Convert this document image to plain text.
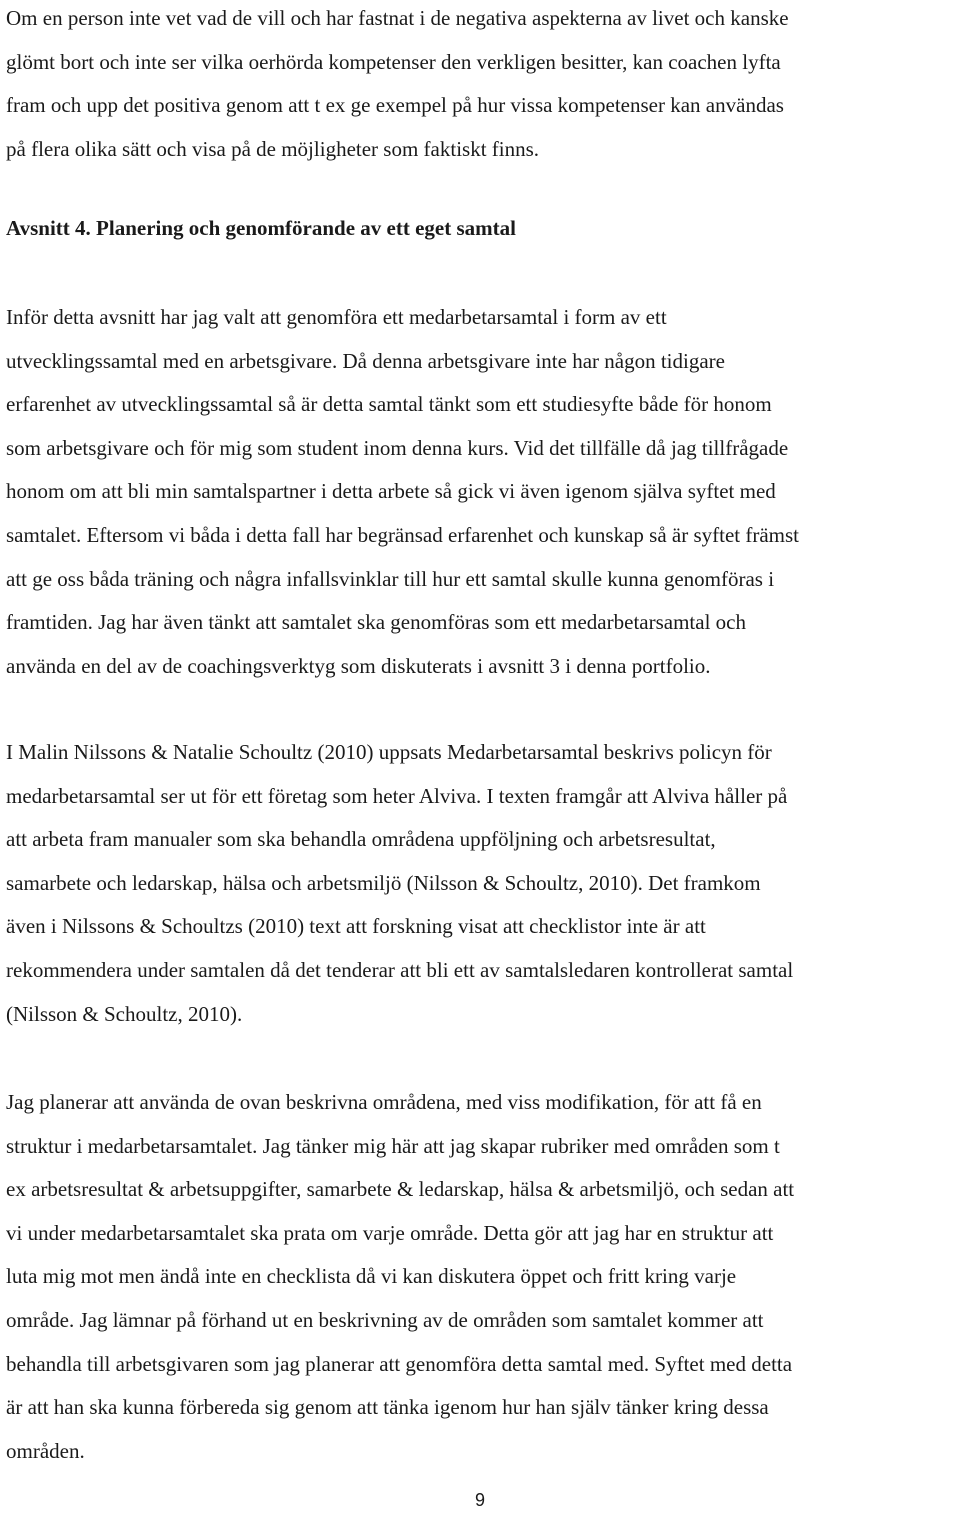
Om en person inte vet vad de vill och har fastnat i de negativa aspekterna av livet och kanske
glömt bort och inte ser vilka oerhörda kompetenser den verkligen besitter, kan coachen lyfta
fram och upp det positiva genom att t ex ge exempel på hur vissa kompetenser kan användas
på flera olika sätt och visa på de möjligheter som faktiskt finns.

Avsnitt 4. Planering och genomförande av ett eget samtal

Inför detta avsnitt har jag valt att genomföra ett medarbetarsamtal i form av ett
utvecklingssamtal med en arbetsgivare. Då denna arbetsgivare inte har någon tidigare
erfarenhet av utvecklingssamtal så är detta samtal tänkt som ett studiesyfte både för honom
som arbetsgivare och för mig som student inom denna kurs. Vid det tillfälle då jag tillfrågade
honom om att bli min samtalspartner i detta arbete så gick vi även igenom själva syftet med
samtalet. Eftersom vi båda i detta fall har begränsad erfarenhet och kunskap så är syftet främst
att ge oss båda träning och några infallsvinklar till hur ett samtal skulle kunna genomföras i
framtiden. Jag har även tänkt att samtalet ska genomföras som ett medarbetarsamtal och
använda en del av de coachingsverktyg som diskuterats i avsnitt 3 i denna portfolio.

I Malin Nilssons & Natalie Schoultz (2010) uppsats Medarbetarsamtal beskrivs policyn för
medarbetarsamtal ser ut för ett företag som heter Alviva. I texten framgår att Alviva håller på
att arbeta fram manualer som ska behandla områdena uppföljning och arbetsresultat,
samarbete och ledarskap, hälsa och arbetsmiljö (Nilsson & Schoultz, 2010). Det framkom
även i Nilssons & Schoultzs (2010) text att forskning visat att checklistor inte är att
rekommendera under samtalen då det tenderar att bli ett av samtalsledaren kontrollerat samtal
(Nilsson & Schoultz, 2010).

Jag planerar att använda de ovan beskrivna områdena, med viss modifikation, för att få en
struktur i medarbetarsamtalet. Jag tänker mig här att jag skapar rubriker med områden som t
ex arbetsresultat & arbetsuppgifter, samarbete & ledarskap, hälsa & arbetsmiljö, och sedan att
vi under medarbetarsamtalet ska prata om varje område. Detta gör att jag har en struktur att
luta mig mot men ändå inte en checklista då vi kan diskutera öppet och fritt kring varje
område. Jag lämnar på förhand ut en beskrivning av de områden som samtalet kommer att
behandla till arbetsgivaren som jag planerar att genomföra detta samtal med. Syftet med detta
är att han ska kunna förbereda sig genom att tänka igenom hur han själv tänker kring dessa
områden.

9
